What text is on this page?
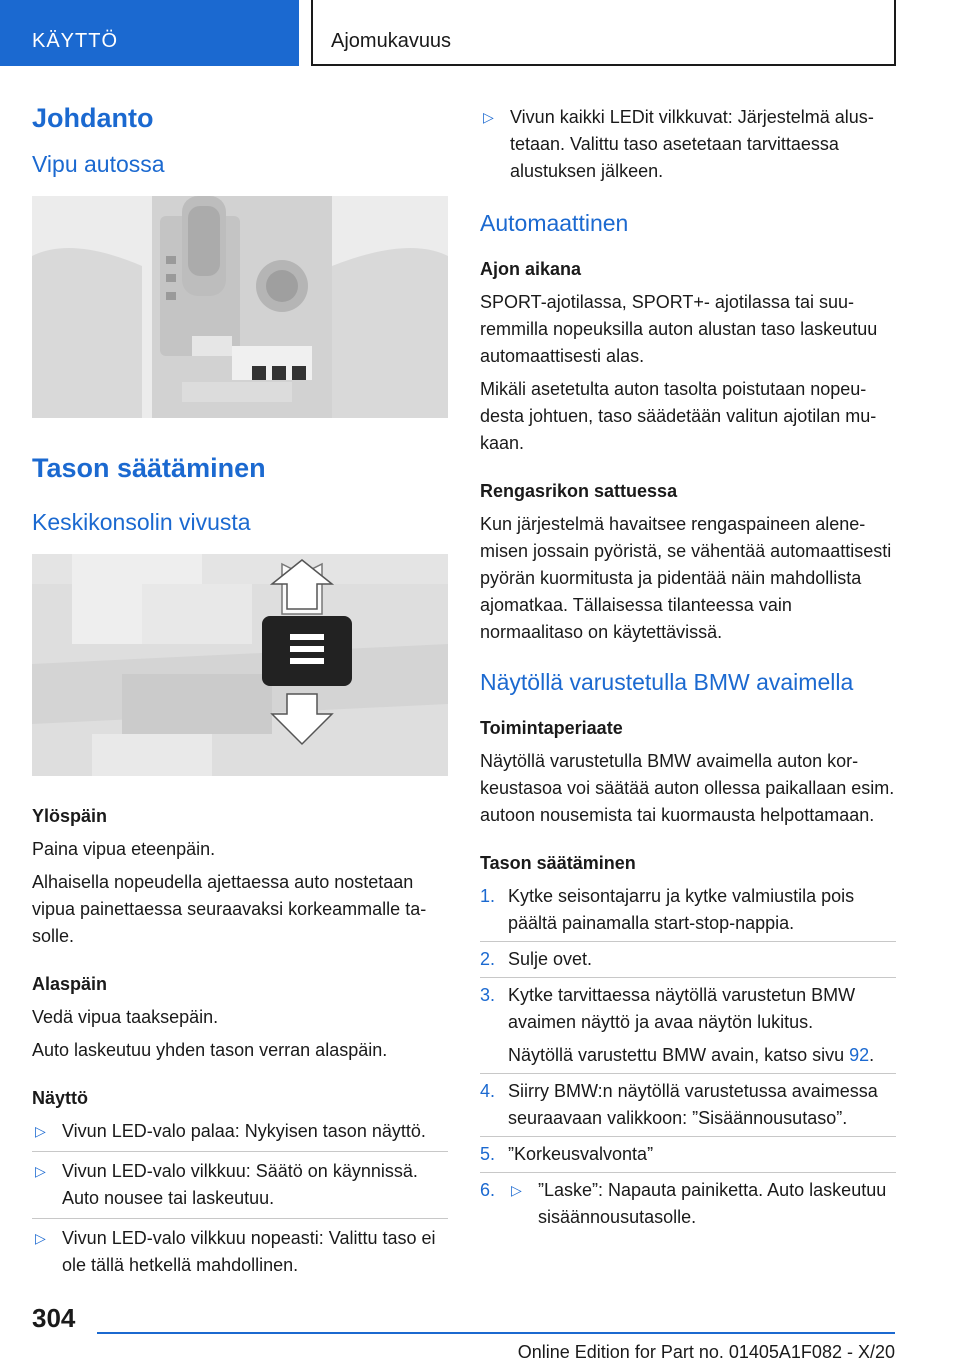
KÄYTTÖ	Ajomukavuus
Johdanto
Vipu autossa
Tason säätäminen
Keskikonsolin vivusta
Ylöspäin

Paina vipua eteenpäin.

Alhaisella nopeudella ajettaessa auto nostetaan vipua painettaessa seuraavaksi korkeammalle tasolle.

Alaspäin

Vedä vipua taaksepäin.

Auto laskeutuu yhden tason verran alaspäin.

Näyttö
▷ Vivun LED-valo palaa: Nykyisen tason näyttö.
▷ Vivun LED-valo vilkkuu: Säätö on käynnissä. Auto nousee tai laskeutuu.
▷ Vivun LED-valo vilkkuu nopeasti: Valittu taso ei ole tällä hetkellä mahdollinen.
▷ Vivun kaikki LEDit vilkkuvat: Järjestelmä alustetaan. Valittu taso asetetaan tarvittaessa alustuksen jälkeen.
Automaattinen
Ajon aikana

SPORT-ajotilassa, SPORT+- ajotilassa tai suuremmilla nopeuksilla auton alustan taso laskeutuu automaattisesti alas.

Mikäli asetetulta auton tasolta poistutaan nopeudesta johtuen, taso säädetään valitun ajotilan mukaan.

Rengasrikon sattuessa

Kun järjestelmä havaitsee rengaspaineen alenemisen jossain pyöristä, se vähentää automaattisesti pyörän kuormitusta ja pidentää näin mahdollista ajomatkaa. Tällaisessa tilanteessa vain normaalitaso on käytettävissä.

Näytöllä varustetulla BMW avaimella
Toimintaperiaate

Näytöllä varustetulla BMW avaimella auton korkeustasoa voi säätää auton ollessa paikallaan esim. autoon nousemista tai kuormausta helpottamaan.

Tason säätäminen
1. Kytke seisontajarru ja kytke valmiustila pois päältä painamalla start-stop-nappia.
2. Sulje ovet.
3. Kytke tarvittaessa näytöllä varustetun BMW avaimen näyttö ja avaa näytön lukitus.
Näytöllä varustettu BMW avain, katso sivu 92.
4. Siirry BMW:n näytöllä varustetussa avaimessa seuraavaan valikkoon: ”Sisäännousutaso”.
5. ”Korkeusvalvonta”
6. ▷ ”Laske”: Napauta painiketta. Auto laskeutuu sisäännousutasolle.
304
Online Edition for Part no. 01405A1F082 - X/20
